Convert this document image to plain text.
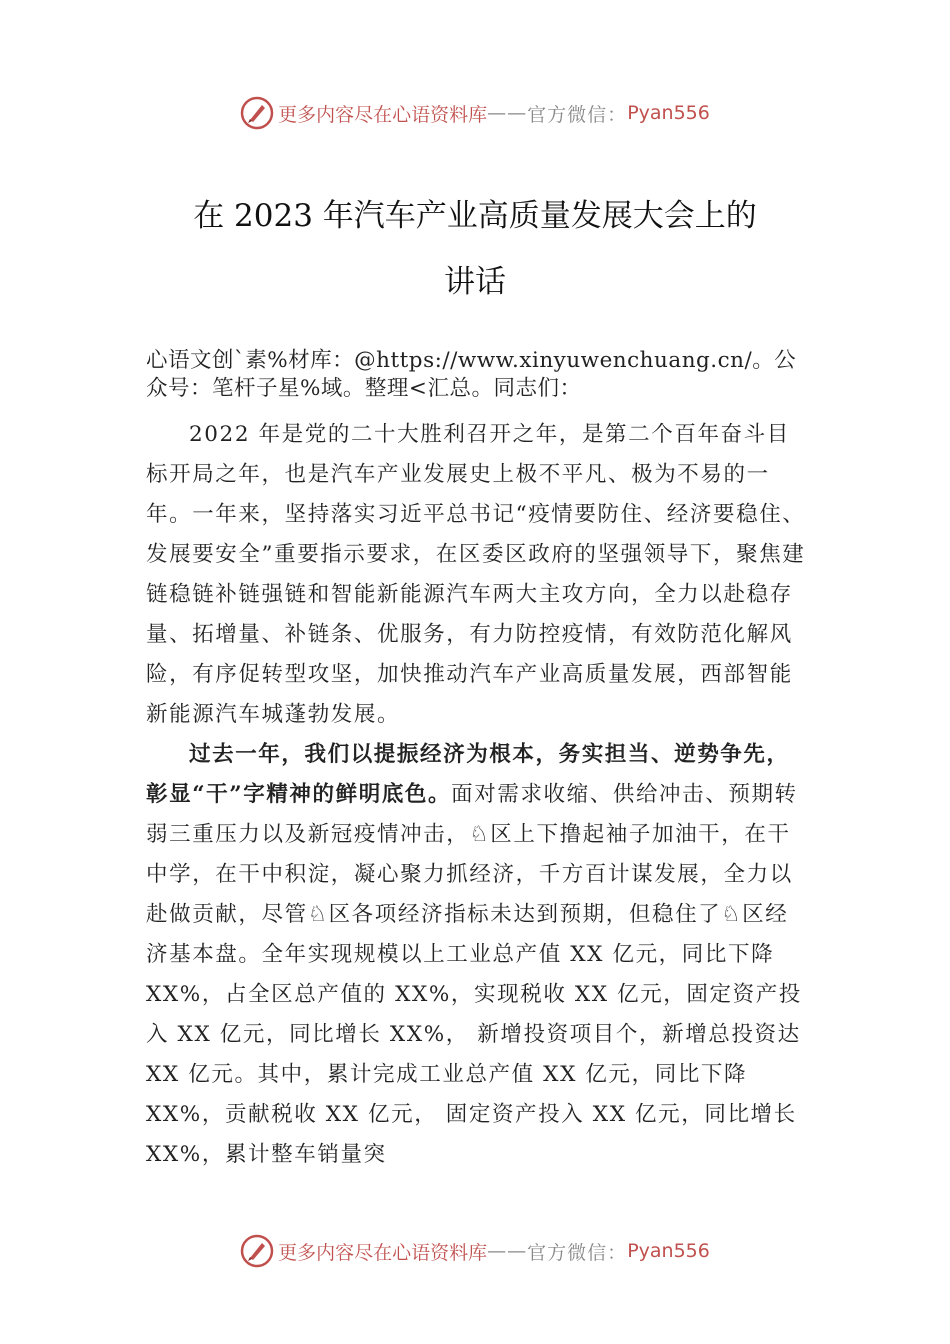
更多内容尽在心语资料库 —— 官方微信： Pyan556
在 2023 年汽车产业高质量发展大会上的
讲话

心语文创`素%材库：@https://www.xinyuwenchuang.cn/。公众号：笔杆子星%域。整理<汇总。同志们：

2022 年是党的二十大胜利召开之年，是第二个百年奋斗目标开局之年，也是汽车产业发展史上极不平凡、极为不易的一年。一年来，坚持落实习近平总书记“疫情要防住、经济要稳住、发展要安全”重要指示要求，在区委区政府的坚强领导下，聚焦建链稳链补链强链和智能新能源汽车两大主攻方向，全力以赴稳存量、拓增量、补链条、优服务，有力防控疫情，有效防范化解风险，有序促转型攻坚，加快推动汽车产业高质量发展，西部智能新能源汽车城蓬勃发展。

过去一年，我们以提振经济为根本，务实担当、逆势争先，彰显“干”字精神的鲜明底色。面对需求收缩、供给冲击、预期转弱三重压力以及新冠疫情冲击，♘区上下撸起袖子加油干，在干中学，在干中积淀，凝心聚力抓经济，千方百计谋发展，全力以赴做贡献，尽管♘区各项经济指标未达到预期，但稳住了♘区经济基本盘。全年实现规模以上工业总产值 XX 亿元，同比下降 XX%，占全区总产值的 XX%，实现税收 XX 亿元，固定资产投入 XX 亿元，同比增长 XX%， 新增投资项目个，新增总投资达 XX 亿元。其中，累计完成工业总产值 XX 亿元，同比下降 XX%，贡献税收 XX 亿元， 固定资产投入 XX 亿元，同比增长 XX%，累计整车销量突

更多内容尽在心语资料库 —— 官方微信： Pyan556
